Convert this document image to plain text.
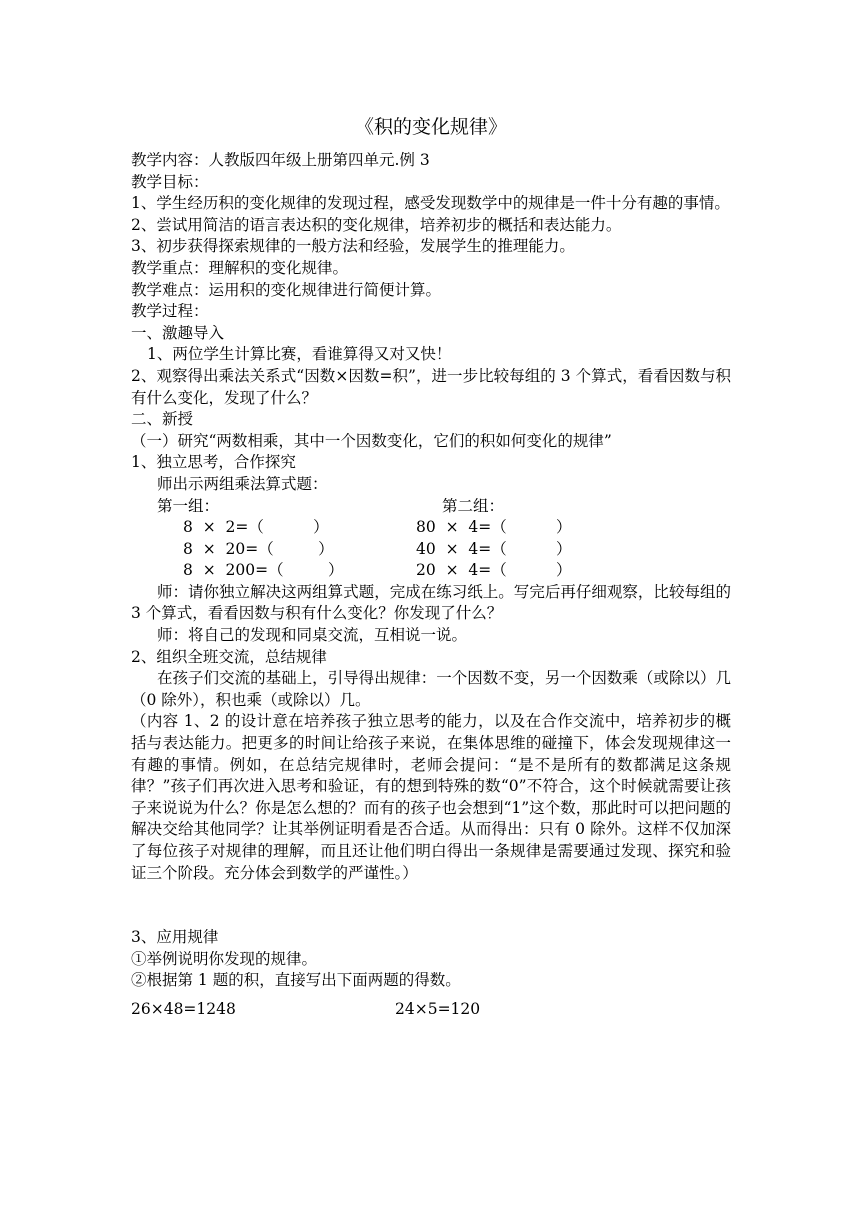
《积的变化规律》
教学内容：人教版四年级上册第四单元.例 3
教学目标：
1、学生经历积的变化规律的发现过程，感受发现数学中的规律是一件十分有趣的事情。
2、尝试用简洁的语言表达积的变化规律，培养初步的概括和表达能力。
3、初步获得探索规律的一般方法和经验，发展学生的推理能力。
教学重点：理解积的变化规律。
教学难点：运用积的变化规律进行简便计算。
教学过程：
一、激趣导入
1、两位学生计算比赛，看谁算得又对又快！
2、观察得出乘法关系式“因数×因数=积”，进一步比较每组的 3 个算式，看看因数与积有什么变化，发现了什么？
二、新授
（一）研究“两数相乘，其中一个因数变化，它们的积如何变化的规律”
1、独立思考，合作探究
师出示两组乘法算式题：
第一组：	第二组：
8  ×  2=（          ）	80  ×  4=（          ）
8  ×  20=（         ）	40  ×  4=（          ）
8  ×  200=（         ）	20  ×  4=（          ）
师：请你独立解决这两组算式题，完成在练习纸上。写完后再仔细观察，比较每组的 3 个算式，看看因数与积有什么变化？你发现了什么？
师：将自己的发现和同桌交流，互相说一说。
2、组织全班交流，总结规律
在孩子们交流的基础上，引导得出规律：一个因数不变，另一个因数乘（或除以）几（0 除外），积也乘（或除以）几。
（内容 1、2 的设计意在培养孩子独立思考的能力，以及在合作交流中，培养初步的概括与表达能力。把更多的时间让给孩子来说，在集体思维的碰撞下，体会发现规律这一有趣的事情。例如，在总结完规律时，老师会提问：“是不是所有的数都满足这条规律？”孩子们再次进入思考和验证，有的想到特殊的数“0”不符合，这个时候就需要让孩子来说说为什么？你是怎么想的？而有的孩子也会想到“1”这个数，那此时可以把问题的解决交给其他同学？让其举例证明看是否合适。从而得出：只有 0 除外。这样不仅加深了每位孩子对规律的理解，而且还让他们明白得出一条规律是需要通过发现、探究和验证三个阶段。充分体会到数学的严谨性。）
3、应用规律
①举例说明你发现的规律。
②根据第 1 题的积，直接写出下面两题的得数。
26×48=1248	24×5=120
